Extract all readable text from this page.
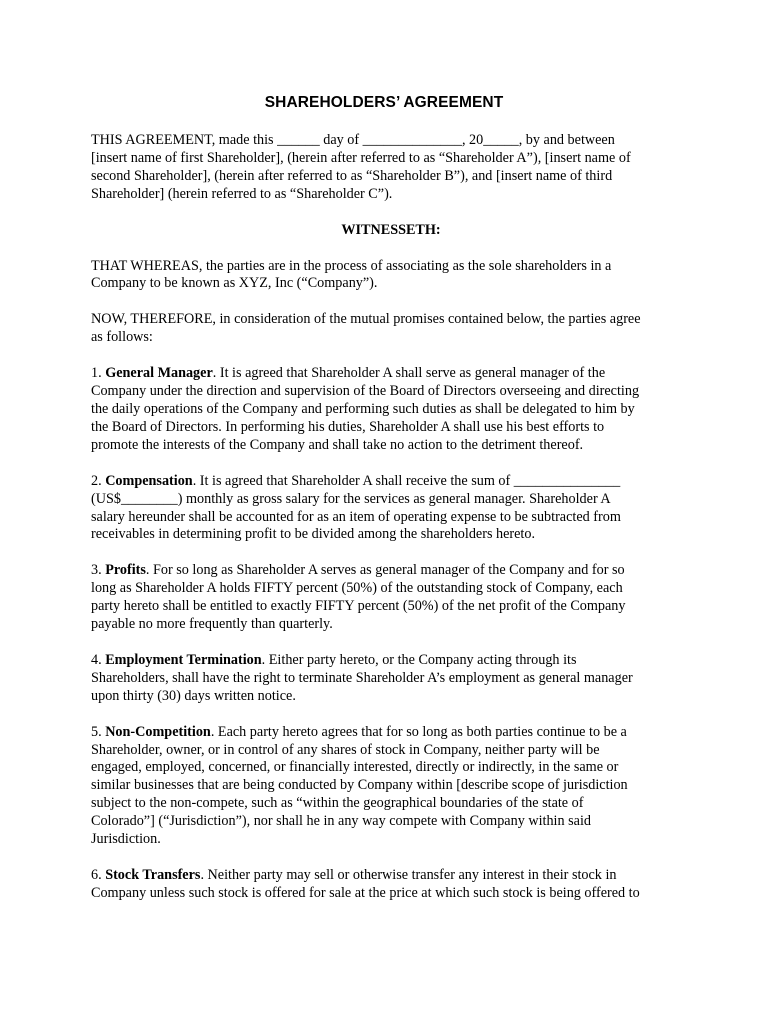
SHAREHOLDERS’ AGREEMENT

THIS AGREEMENT, made this ______ day of ______________, 20_____, by and between
[insert name of first Shareholder], (herein after referred to as “Shareholder A”), [insert name of
second Shareholder], (herein after referred to as “Shareholder B”), and [insert name of third
Shareholder] (herein referred to as “Shareholder C”).

WITNESSETH:

THAT WHEREAS, the parties are in the process of associating as the sole shareholders in a
Company to be known as XYZ, Inc (“Company”).

NOW, THEREFORE, in consideration of the mutual promises contained below, the parties agree
as follows:

1. General Manager. It is agreed that Shareholder A shall serve as general manager of the
Company under the direction and supervision of the Board of Directors overseeing and directing
the daily operations of the Company and performing such duties as shall be delegated to him by
the Board of Directors. In performing his duties, Shareholder A shall use his best efforts to
promote the interests of the Company and shall take no action to the detriment thereof.

2. Compensation. It is agreed that Shareholder A shall receive the sum of _______________
(US$________) monthly as gross salary for the services as general manager. Shareholder A
salary hereunder shall be accounted for as an item of operating expense to be subtracted from
receivables in determining profit to be divided among the shareholders hereto.

3. Profits. For so long as Shareholder A serves as general manager of the Company and for so
long as Shareholder A holds FIFTY percent (50%) of the outstanding stock of Company, each
party hereto shall be entitled to exactly FIFTY percent (50%) of the net profit of the Company
payable no more frequently than quarterly.

4. Employment Termination. Either party hereto, or the Company acting through its
Shareholders, shall have the right to terminate Shareholder A’s employment as general manager
upon thirty (30) days written notice.

5. Non-Competition. Each party hereto agrees that for so long as both parties continue to be a
Shareholder, owner, or in control of any shares of stock in Company, neither party will be
engaged, employed, concerned, or financially interested, directly or indirectly, in the same or
similar businesses that are being conducted by Company within [describe scope of jurisdiction
subject to the non-compete, such as “within the geographical boundaries of the state of
Colorado”] (“Jurisdiction”), nor shall he in any way compete with Company within said
Jurisdiction.

6. Stock Transfers. Neither party may sell or otherwise transfer any interest in their stock in
Company unless such stock is offered for sale at the price at which such stock is being offered to
